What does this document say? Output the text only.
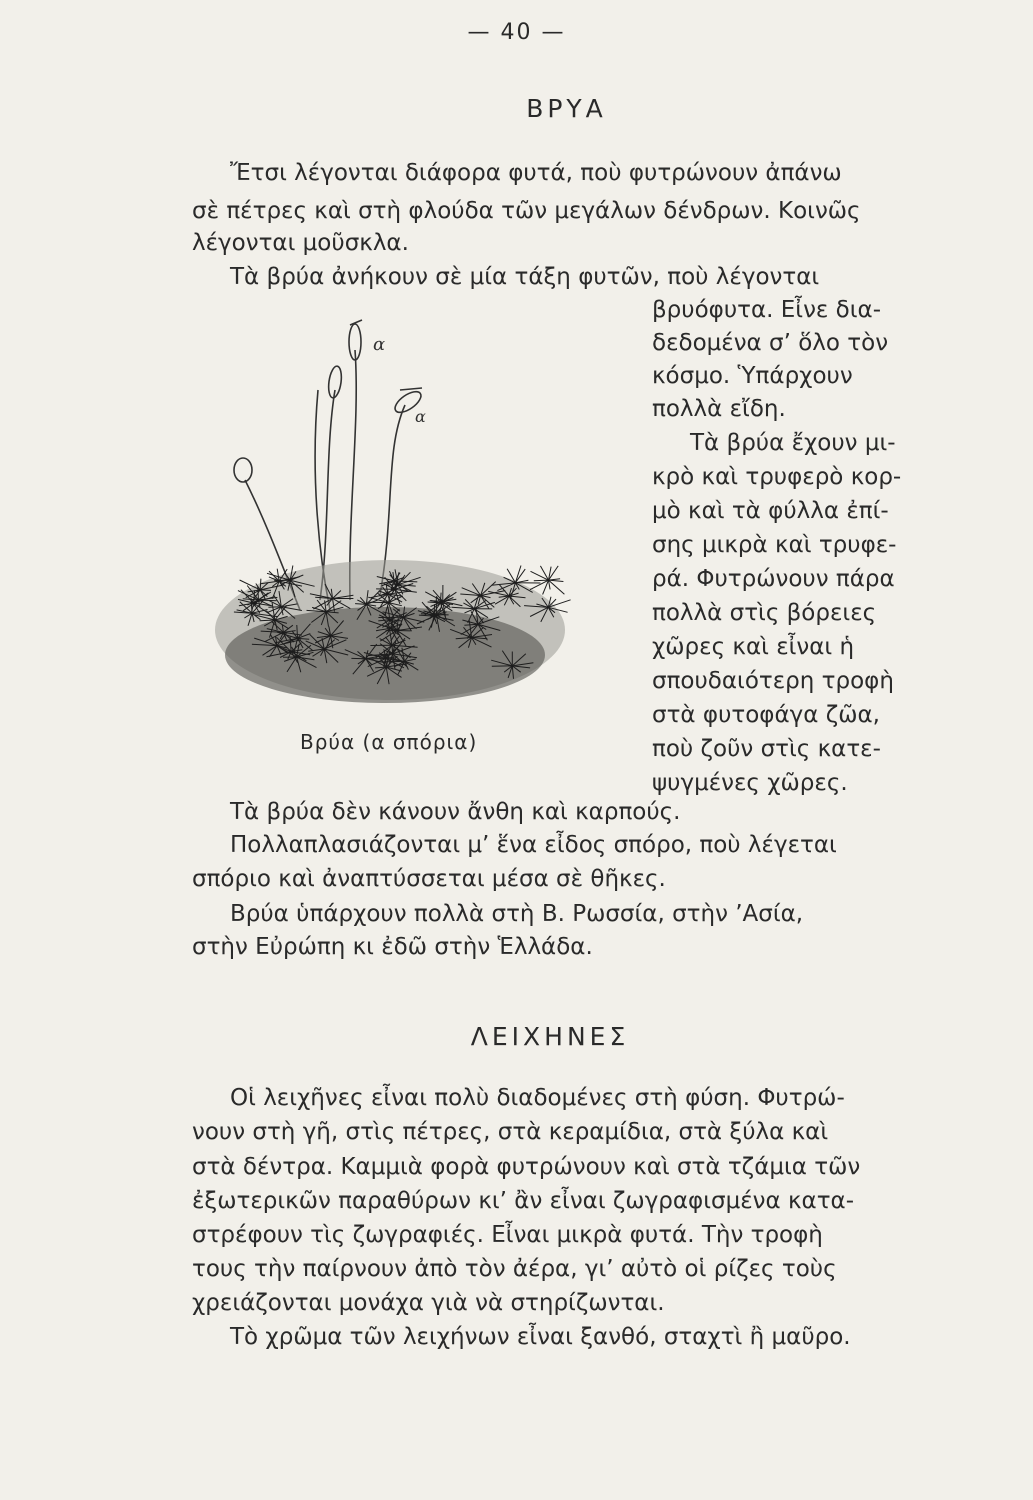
— 40 —
ΒΡΥΑ
Ἔτσι λέγονται διάφορα φυτά, ποὺ φυτρώνουν ἀπάνω
σὲ πέτρες καὶ στὴ φλούδα τῶν μεγάλων δένδρων. Κοινῶς
λέγονται μοῦσκλα.
Τὰ βρύα ἀνήκουν σὲ μία τάξη φυτῶν, ποὺ λέγονται
βρυόφυτα. Εἶνε δια-
δεδομένα σ’ ὅλο τὸν
κόσμο. Ὑπάρχουν
πολλὰ εἴδη.
Τὰ βρύα ἔχουν μι-
κρὸ καὶ τρυφερὸ κορ-
μὸ καὶ τὰ φύλλα ἐπί-
σης μικρὰ καὶ τρυφε-
ρά. Φυτρώνουν πάρα
πολλὰ στὶς βόρειες
χῶρες καὶ εἶναι ἡ
σπουδαιότερη τροφὴ
στὰ φυτοφάγα ζῶα,
ποὺ ζοῦν στὶς κατε-
ψυγμένες χῶρες.
α
α
Βρύα (α σπόρια)
Τὰ βρύα δὲν κάνουν ἄνθη καὶ καρπούς.
Πολλαπλασιάζονται μ’ ἕνα εἶδος σπόρο, ποὺ λέγεται
σπόριο καὶ ἀναπτύσσεται μέσα σὲ θῆκες.
Βρύα ὑπάρχουν πολλὰ στὴ Β. Ρωσσία, στὴν ’Ασία,
στὴν Εὐρώπη κι ἐδῶ στὴν Ἑλλάδα.
ΛΕΙΧΗΝΕΣ
Οἱ λειχῆνες εἶναι πολὺ διαδομένες στὴ φύση. Φυτρώ-
νουν στὴ γῆ, στὶς πέτρες, στὰ κεραμίδια, στὰ ξύλα καὶ
στὰ δέντρα. Καμμιὰ φορὰ φυτρώνουν καὶ στὰ τζάμια τῶν
ἐξωτερικῶν παραθύρων κι’ ἂν εἶναι ζωγραφισμένα κατα-
στρέφουν τὶς ζωγραφιές. Εἶναι μικρὰ φυτά. Τὴν τροφὴ
τους τὴν παίρνουν ἀπὸ τὸν ἀέρα, γι’ αὐτὸ οἱ ρίζες τοὺς
χρειάζονται μονάχα γιὰ νὰ στηρίζωνται.
Τὸ χρῶμα τῶν λειχήνων εἶναι ξανθό, σταχτὶ ἢ μαῦρο.
